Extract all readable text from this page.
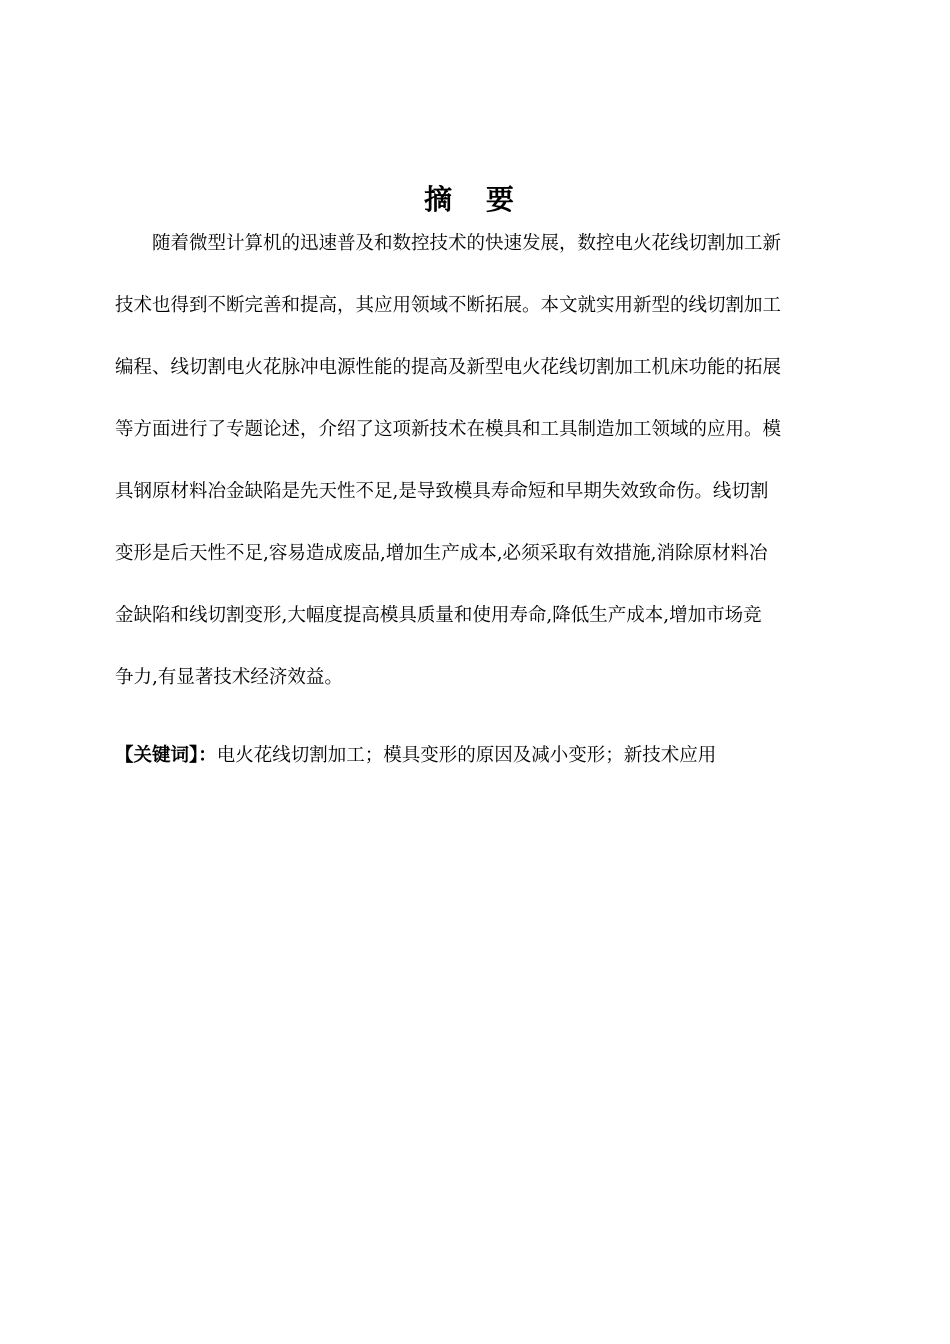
摘 要
随着微型计算机的迅速普及和数控技术的快速发展，数控电火花线切割加工新
技术也得到不断完善和提高，其应用领域不断拓展。本文就实用新型的线切割加工
编程、线切割电火花脉冲电源性能的提高及新型电火花线切割加工机床功能的拓展
等方面进行了专题论述，介绍了这项新技术在模具和工具制造加工领域的应用。模
具钢原材料冶金缺陷是先天性不足,是导致模具寿命短和早期失效致命伤。线切割
变形是后天性不足,容易造成废品,增加生产成本,必须采取有效措施,消除原材料冶
金缺陷和线切割变形,大幅度提高模具质量和使用寿命,降低生产成本,增加市场竞
争力,有显著技术经济效益。
【关键词】：电火花线切割加工；模具变形的原因及减小变形；新技术应用
